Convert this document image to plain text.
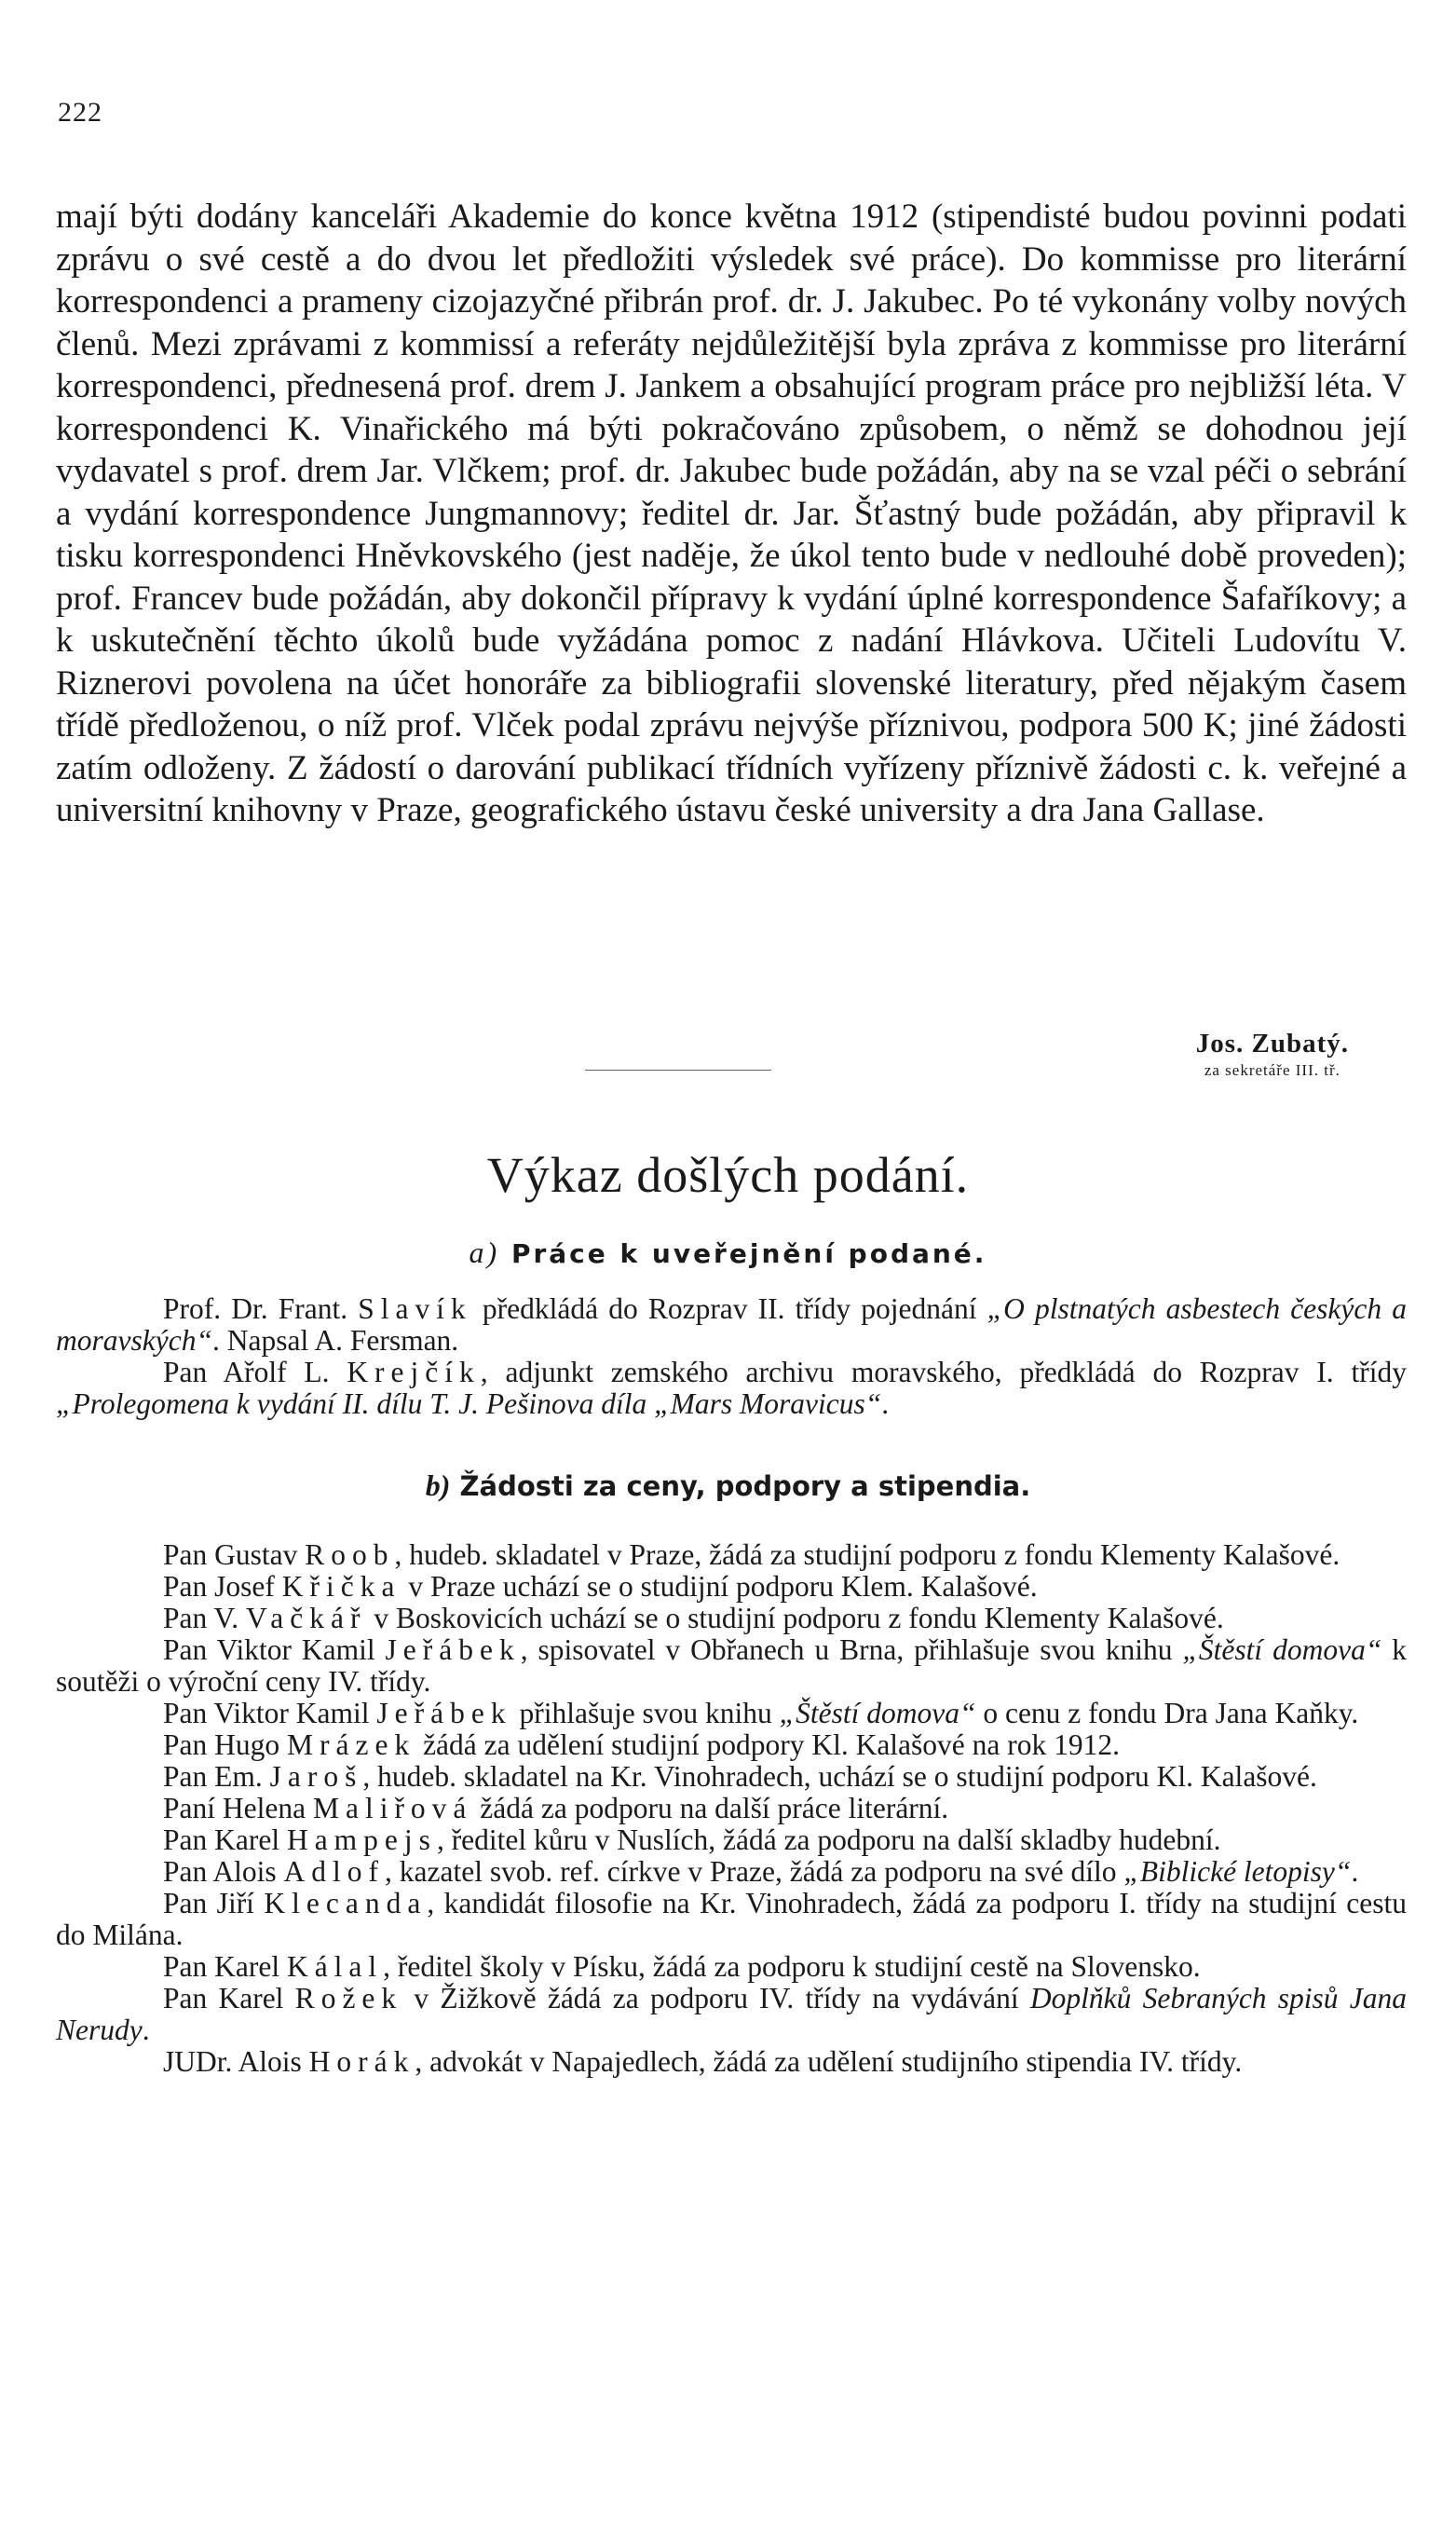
222

mají býti dodány kanceláři Akademie do konce května 1912 (stipendisté budou povinni podati zprávu o své cestě a do dvou let předložiti výsledek své práce). Do kommisse pro literární korrespondenci a prameny cizojazyčné přibrán prof. dr. J. Jakubec. Po té vykonány volby nových členů. Mezi zprávami z kommissí a referáty nejdůležitější byla zpráva z kommisse pro literární korrespondenci, přednesená prof. drem J. Jankem a obsahující program práce pro nejbližší léta. V korrespondenci K. Vinařického má býti pokračováno způsobem, o němž se dohodnou její vydavatel s prof. drem Jar. Vlčkem; prof. dr. Jakubec bude požádán, aby na se vzal péči o sebrání a vydání korrespondence Jungmannovy; ředitel dr. Jar. Šťastný bude požádán, aby připravil k tisku korrespondenci Hněvkovského (jest naděje, že úkol tento bude v nedlouhé době proveden); prof. Francev bude požádán, aby dokončil přípravy k vydání úplné korrespondence Šafaříkovy; a k uskutečnění těchto úkolů bude vyžádána pomoc z nadání Hlávkova. Učiteli Ludovítu V. Riznerovi povolena na účet honoráře za bibliografii slovenské literatury, před nějakým časem třídě předloženou, o níž prof. Vlček podal zprávu nejvýše příznivou, podpora 500 K; jiné žádosti zatím odloženy. Z žádostí o darování publikací třídních vyřízeny příznivě žádosti c. k. veřejné a universitní knihovny v Praze, geografického ústavu české university a dra Jana Gallase.

Jos. Zubatý.
za sekretáře III. tř.
Výkaz došlých podání.
a) Práce k uveřejnění podané.

Prof. Dr. Frant. Slavík předkládá do Rozprav II. třídy pojednání „O plstnatých asbestech českých a moravských“. Napsal A. Fersman.

Pan Ařolf L. Krejčík, adjunkt zemského archivu moravského, předkládá do Rozprav I. třídy „Prolegomena k vydání II. dílu T. J. Pešinova díla „Mars Moravicus“.

b) Žádosti za ceny, podpory a stipendia.

Pan Gustav Roob, hudeb. skladatel v Praze, žádá za studijní podporu z fondu Klementy Kalašové.

Pan Josef Křička v Praze uchází se o studijní podporu Klem. Kalašové.

Pan V. Vačkář v Boskovicích uchází se o studijní podporu z fondu Klementy Kalašové.

Pan Viktor Kamil Jeřábek, spisovatel v Obřanech u Brna, přihlašuje svou knihu „Štěstí domova“ k soutěži o výroční ceny IV. třídy.

Pan Viktor Kamil Jeřábek přihlašuje svou knihu „Štěstí domova“ o cenu z fondu Dra Jana Kaňky.

Pan Hugo Mrázek žádá za udělení studijní podpory Kl. Kalašové na rok 1912.

Pan Em. Jaroš, hudeb. skladatel na Kr. Vinohradech, uchází se o studijní podporu Kl. Kalašové.

Paní Helena Maliřová žádá za podporu na další práce literární.

Pan Karel Hampejs, ředitel kůru v Nuslích, žádá za podporu na další skladby hudební.

Pan Alois Adlof, kazatel svob. ref. církve v Praze, žádá za podporu na své dílo „Biblické letopisy“.

Pan Jiří Klecanda, kandidát filosofie na Kr. Vinohradech, žádá za podporu I. třídy na studijní cestu do Milána.

Pan Karel Kálal, ředitel školy v Písku, žádá za podporu k studijní cestě na Slovensko.

Pan Karel Rožek v Žižkově žádá za podporu IV. třídy na vydávání Doplňků Sebraných spisů Jana Nerudy.

JUDr. Alois Horák, advokát v Napajedlech, žádá za udělení studijního stipendia IV. třídy.
